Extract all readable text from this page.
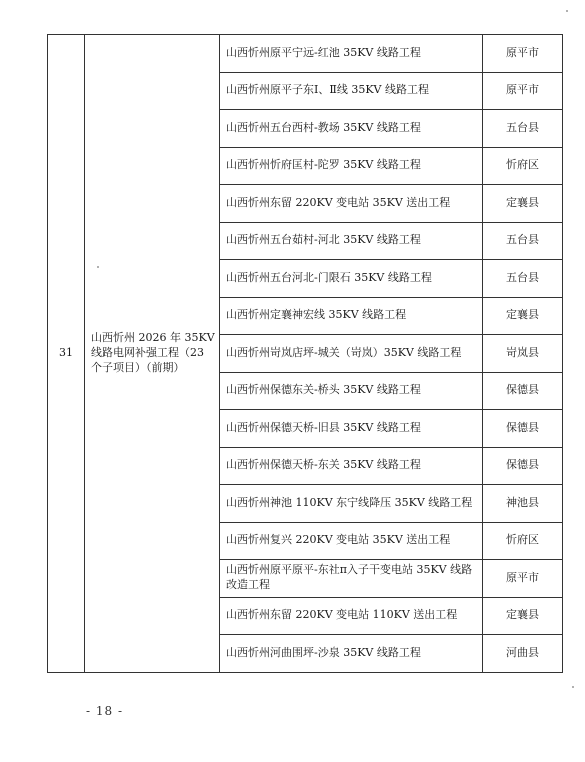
31	山西忻州 2026 年 35KV 线路电网补强工程（23 个子项目）（前期）	山西忻州原平宁远-红池 35KV 线路工程	原平市
		山西忻州原平子东Ⅰ、Ⅱ线 35KV 线路工程	原平市
		山西忻州五台西村-教场 35KV 线路工程	五台县
		山西忻州忻府匡村-陀罗 35KV 线路工程	忻府区
		山西忻州东留 220KV 变电站 35KV 送出工程	定襄县
		山西忻州五台茹村-河北 35KV 线路工程	五台县
		山西忻州五台河北-门限石 35KV 线路工程	五台县
		山西忻州定襄神宏线 35KV 线路工程	定襄县
		山西忻州岢岚店坪-城关（岢岚）35KV 线路工程	岢岚县
		山西忻州保德东关-桥头 35KV 线路工程	保德县
		山西忻州保德天桥-旧县 35KV 线路工程	保德县
		山西忻州保德天桥-东关 35KV 线路工程	保德县
		山西忻州神池 110KV 东宁线降压 35KV 线路工程	神池县
		山西忻州复兴 220KV 变电站 35KV 送出工程	忻府区
		山西忻州原平原平-东社π入子干变电站 35KV 线路改造工程	原平市
		山西忻州东留 220KV 变电站 110KV 送出工程	定襄县
		山西忻州河曲围坪-沙泉 35KV 线路工程	河曲县
- 18 -
